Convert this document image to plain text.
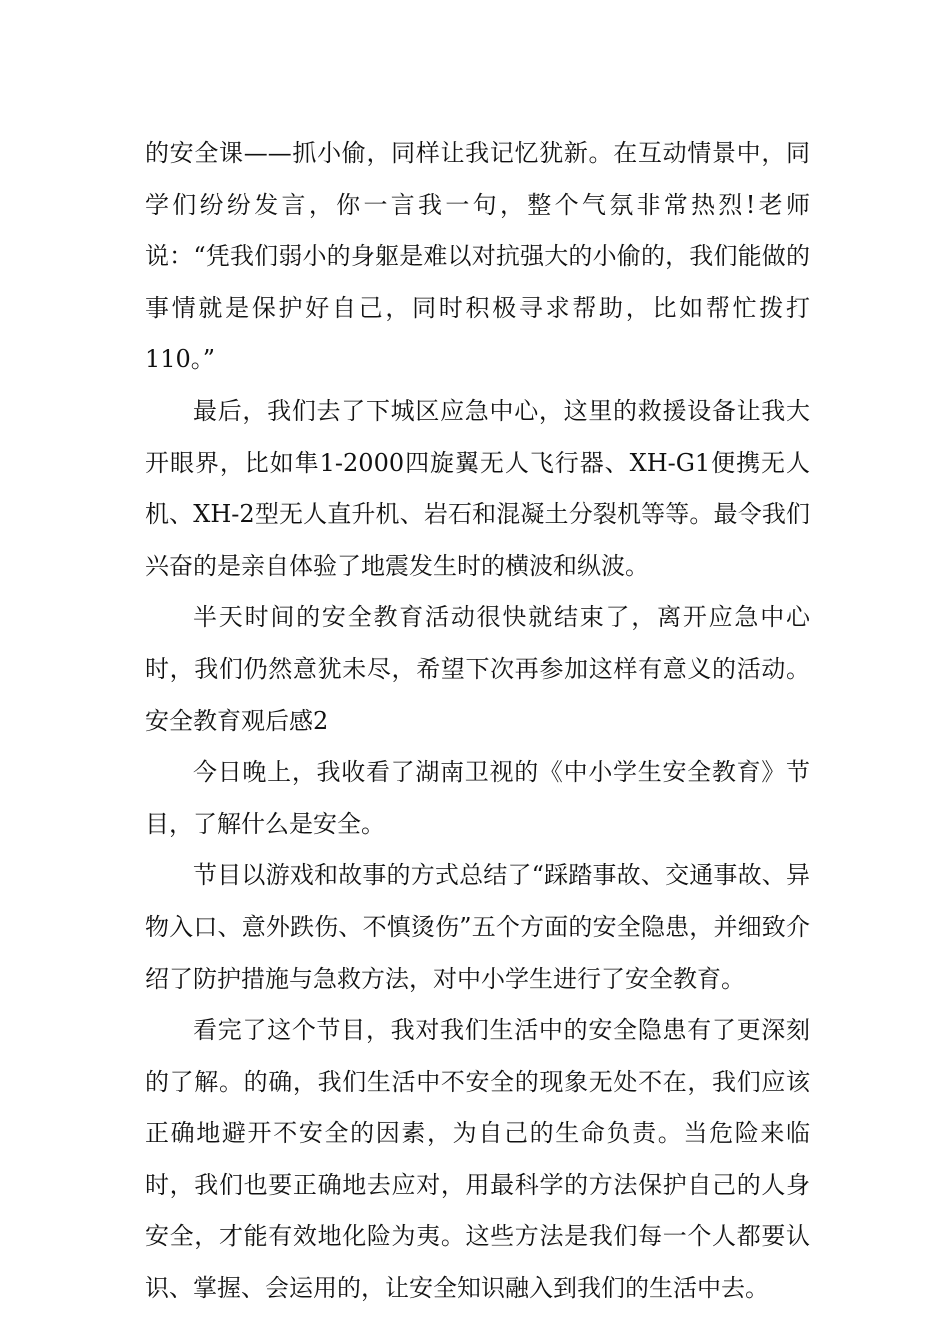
的安全课——抓小偷，同样让我记忆犹新。在互动情景中，同学们纷纷发言，你一言我一句，整个气氛非常热烈!老师说：“凭我们弱小的身躯是难以对抗强大的小偷的，我们能做的事情就是保护好自己，同时积极寻求帮助，比如帮忙拨打110。”

最后，我们去了下城区应急中心，这里的救援设备让我大开眼界，比如隼1-2000四旋翼无人飞行器、XH-G1便携无人机、XH-2型无人直升机、岩石和混凝土分裂机等等。最令我们兴奋的是亲自体验了地震发生时的横波和纵波。

半天时间的安全教育活动很快就结束了，离开应急中心时，我们仍然意犹未尽，希望下次再参加这样有意义的活动。安全教育观后感2

今日晚上，我收看了湖南卫视的《中小学生安全教育》节目，了解什么是安全。

节目以游戏和故事的方式总结了“踩踏事故、交通事故、异物入口、意外跌伤、不慎烫伤”五个方面的安全隐患，并细致介绍了防护措施与急救方法，对中小学生进行了安全教育。

看完了这个节目，我对我们生活中的安全隐患有了更深刻的了解。的确，我们生活中不安全的现象无处不在，我们应该正确地避开不安全的因素，为自己的生命负责。当危险来临时，我们也要正确地去应对，用最科学的方法保护自己的人身安全，才能有效地化险为夷。这些方法是我们每一个人都要认识、掌握、会运用的，让安全知识融入到我们的生活中去。
